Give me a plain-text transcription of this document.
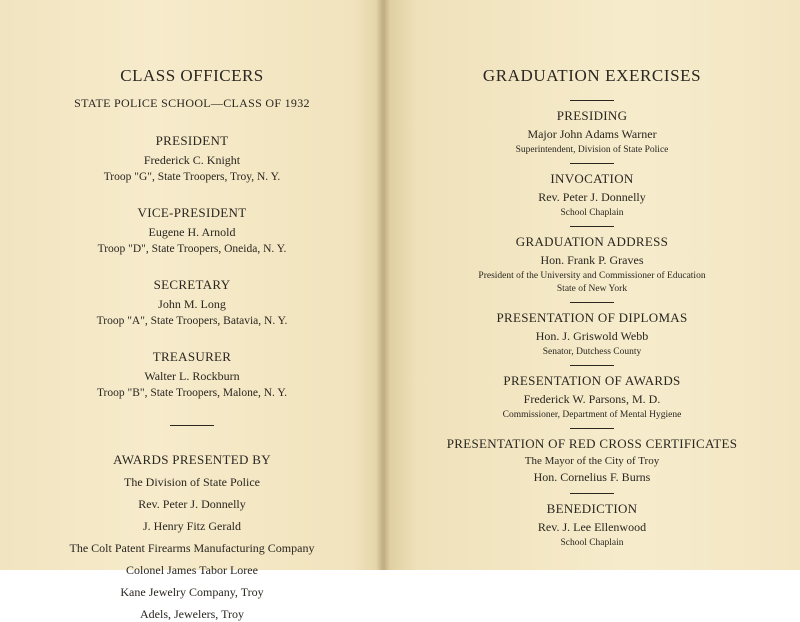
CLASS OFFICERS
STATE POLICE SCHOOL—CLASS OF 1932
PRESIDENT
Frederick C. Knight
Troop "G", State Troopers, Troy, N. Y.
VICE-PRESIDENT
Eugene H. Arnold
Troop "D", State Troopers, Oneida, N. Y.
SECRETARY
John M. Long
Troop "A", State Troopers, Batavia, N. Y.
TREASURER
Walter L. Rockburn
Troop "B", State Troopers, Malone, N. Y.
AWARDS PRESENTED BY
The Division of State Police
Rev. Peter J. Donnelly
J. Henry Fitz Gerald
The Colt Patent Firearms Manufacturing Company
Colonel James Tabor Loree
Kane Jewelry Company, Troy
Adels, Jewelers, Troy
GRADUATION EXERCISES
PRESIDING
Major John Adams Warner
Superintendent, Division of State Police
INVOCATION
Rev. Peter J. Donnelly
School Chaplain
GRADUATION ADDRESS
Hon. Frank P. Graves
President of the University and Commissioner of Education
State of New York
PRESENTATION OF DIPLOMAS
Hon. J. Griswold Webb
Senator, Dutchess County
PRESENTATION OF AWARDS
Frederick W. Parsons, M. D.
Commissioner, Department of Mental Hygiene
PRESENTATION OF RED CROSS CERTIFICATES
The Mayor of the City of Troy
Hon. Cornelius F. Burns
BENEDICTION
Rev. J. Lee Ellenwood
School Chaplain
